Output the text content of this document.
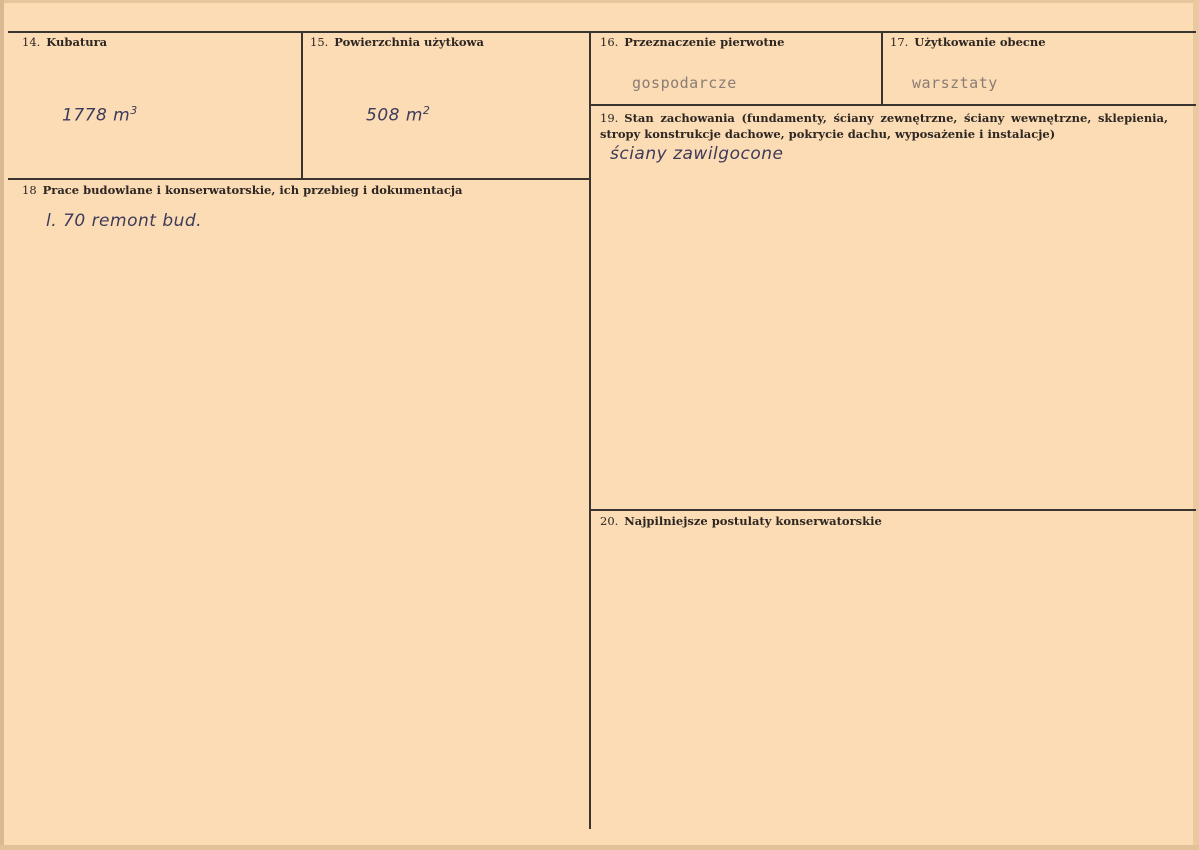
14. Kubatura
1778 $m^3$
15. Powierzchnia użytkowa
508 $m^2$
16. Przeznaczenie pierwotne
gospodarcze
17. Użytkowanie obecne
warsztaty
18 Prace budowlane i konserwatorskie, ich przebieg i dokumentacja
l. 70 remont bud.
19. Stan zachowania (fundamenty, ściany zewnętrzne, ściany wewnętrzne, sklepienia, stropy konstrukcje dachowe, pokrycie dachu, wyposażenie i instalacje)
ściany zawilgocone
20. Najpilniejsze postulaty konserwatorskie
